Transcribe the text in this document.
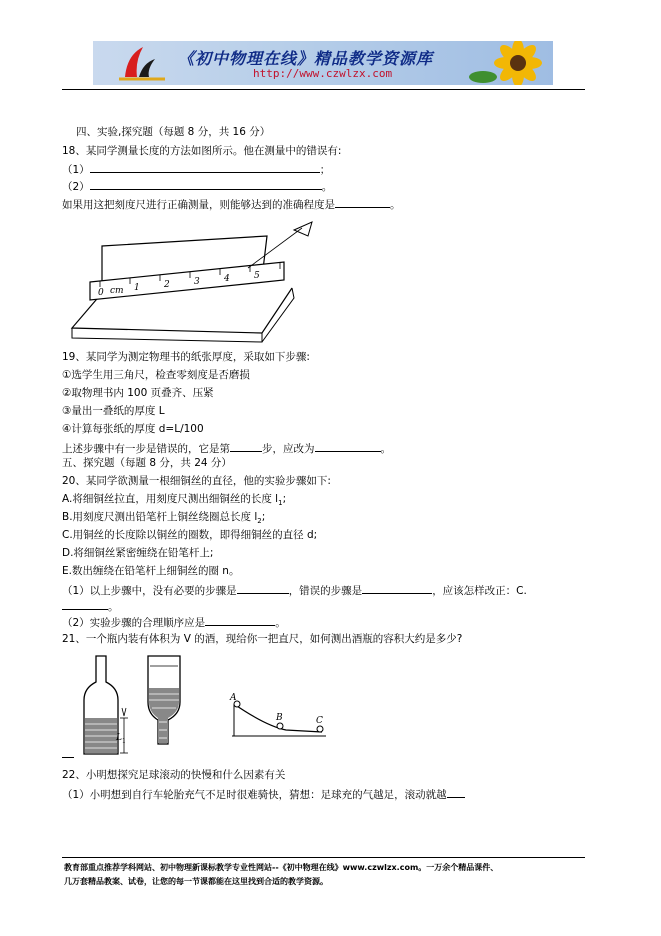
《初中物理在线》精品教学资源库
http://www.czwlzx.com
四、实验,探究题（每题 8 分，共 16 分）
18、某同学测量长度的方法如图所示。他在测量中的错误有:
（1）	；
（2）	。
如果用这把刻度尺进行正确测量，则能够达到的准确程度是	。
0 cm 1	2	3	4	5
19、某同学为测定物理书的纸张厚度，采取如下步骤:
①选学生用三角尺，检查零刻度是否磨损
②取物理书内 100 页叠齐、压紧
③量出一叠纸的厚度 L
④计算每张纸的厚度 d=L/100
上述步骤中有一步是错误的，它是第	步，应改为	。
五、探究题（每题 8 分，共 24 分）
20、某同学欲测量一根细铜丝的直径，他的实验步骤如下:
A.将细铜丝拉直，用刻度尺测出细铜丝的长度 $l_1$;
B.用刻度尺测出铅笔杆上铜丝绕圈总长度 $l_2$;
C.用铜丝的长度除以铜丝的圈数，即得细铜丝的直径 d;
D.将细铜丝紧密缠绕在铅笔杆上;
E.数出缠绕在铅笔杆上细铜丝的圈 n。
（1）以上步骤中，没有必要的步骤是	，错误的步骤是	，应该怎样改正：C.
。
（2）实验步骤的合理顺序应是	。
21、一个瓶内装有体积为 V 的酒，现给你一把直尺，如何测出酒瓶的容积大约是多少?
L 1
A
B	C
22、小明想探究足球滚动的快慢和什么因素有关
（1）小明想到自行车轮胎充气不足时很难骑快，猜想：足球充的气越足，滚动就越
教育部重点推荐学科网站、初中物理新课标教学专业性网站--《初中物理在线》www.czwlzx.com。一万余个精品课件、
几万套精品教案、试卷，让您的每一节课都能在这里找到合适的教学资源。
